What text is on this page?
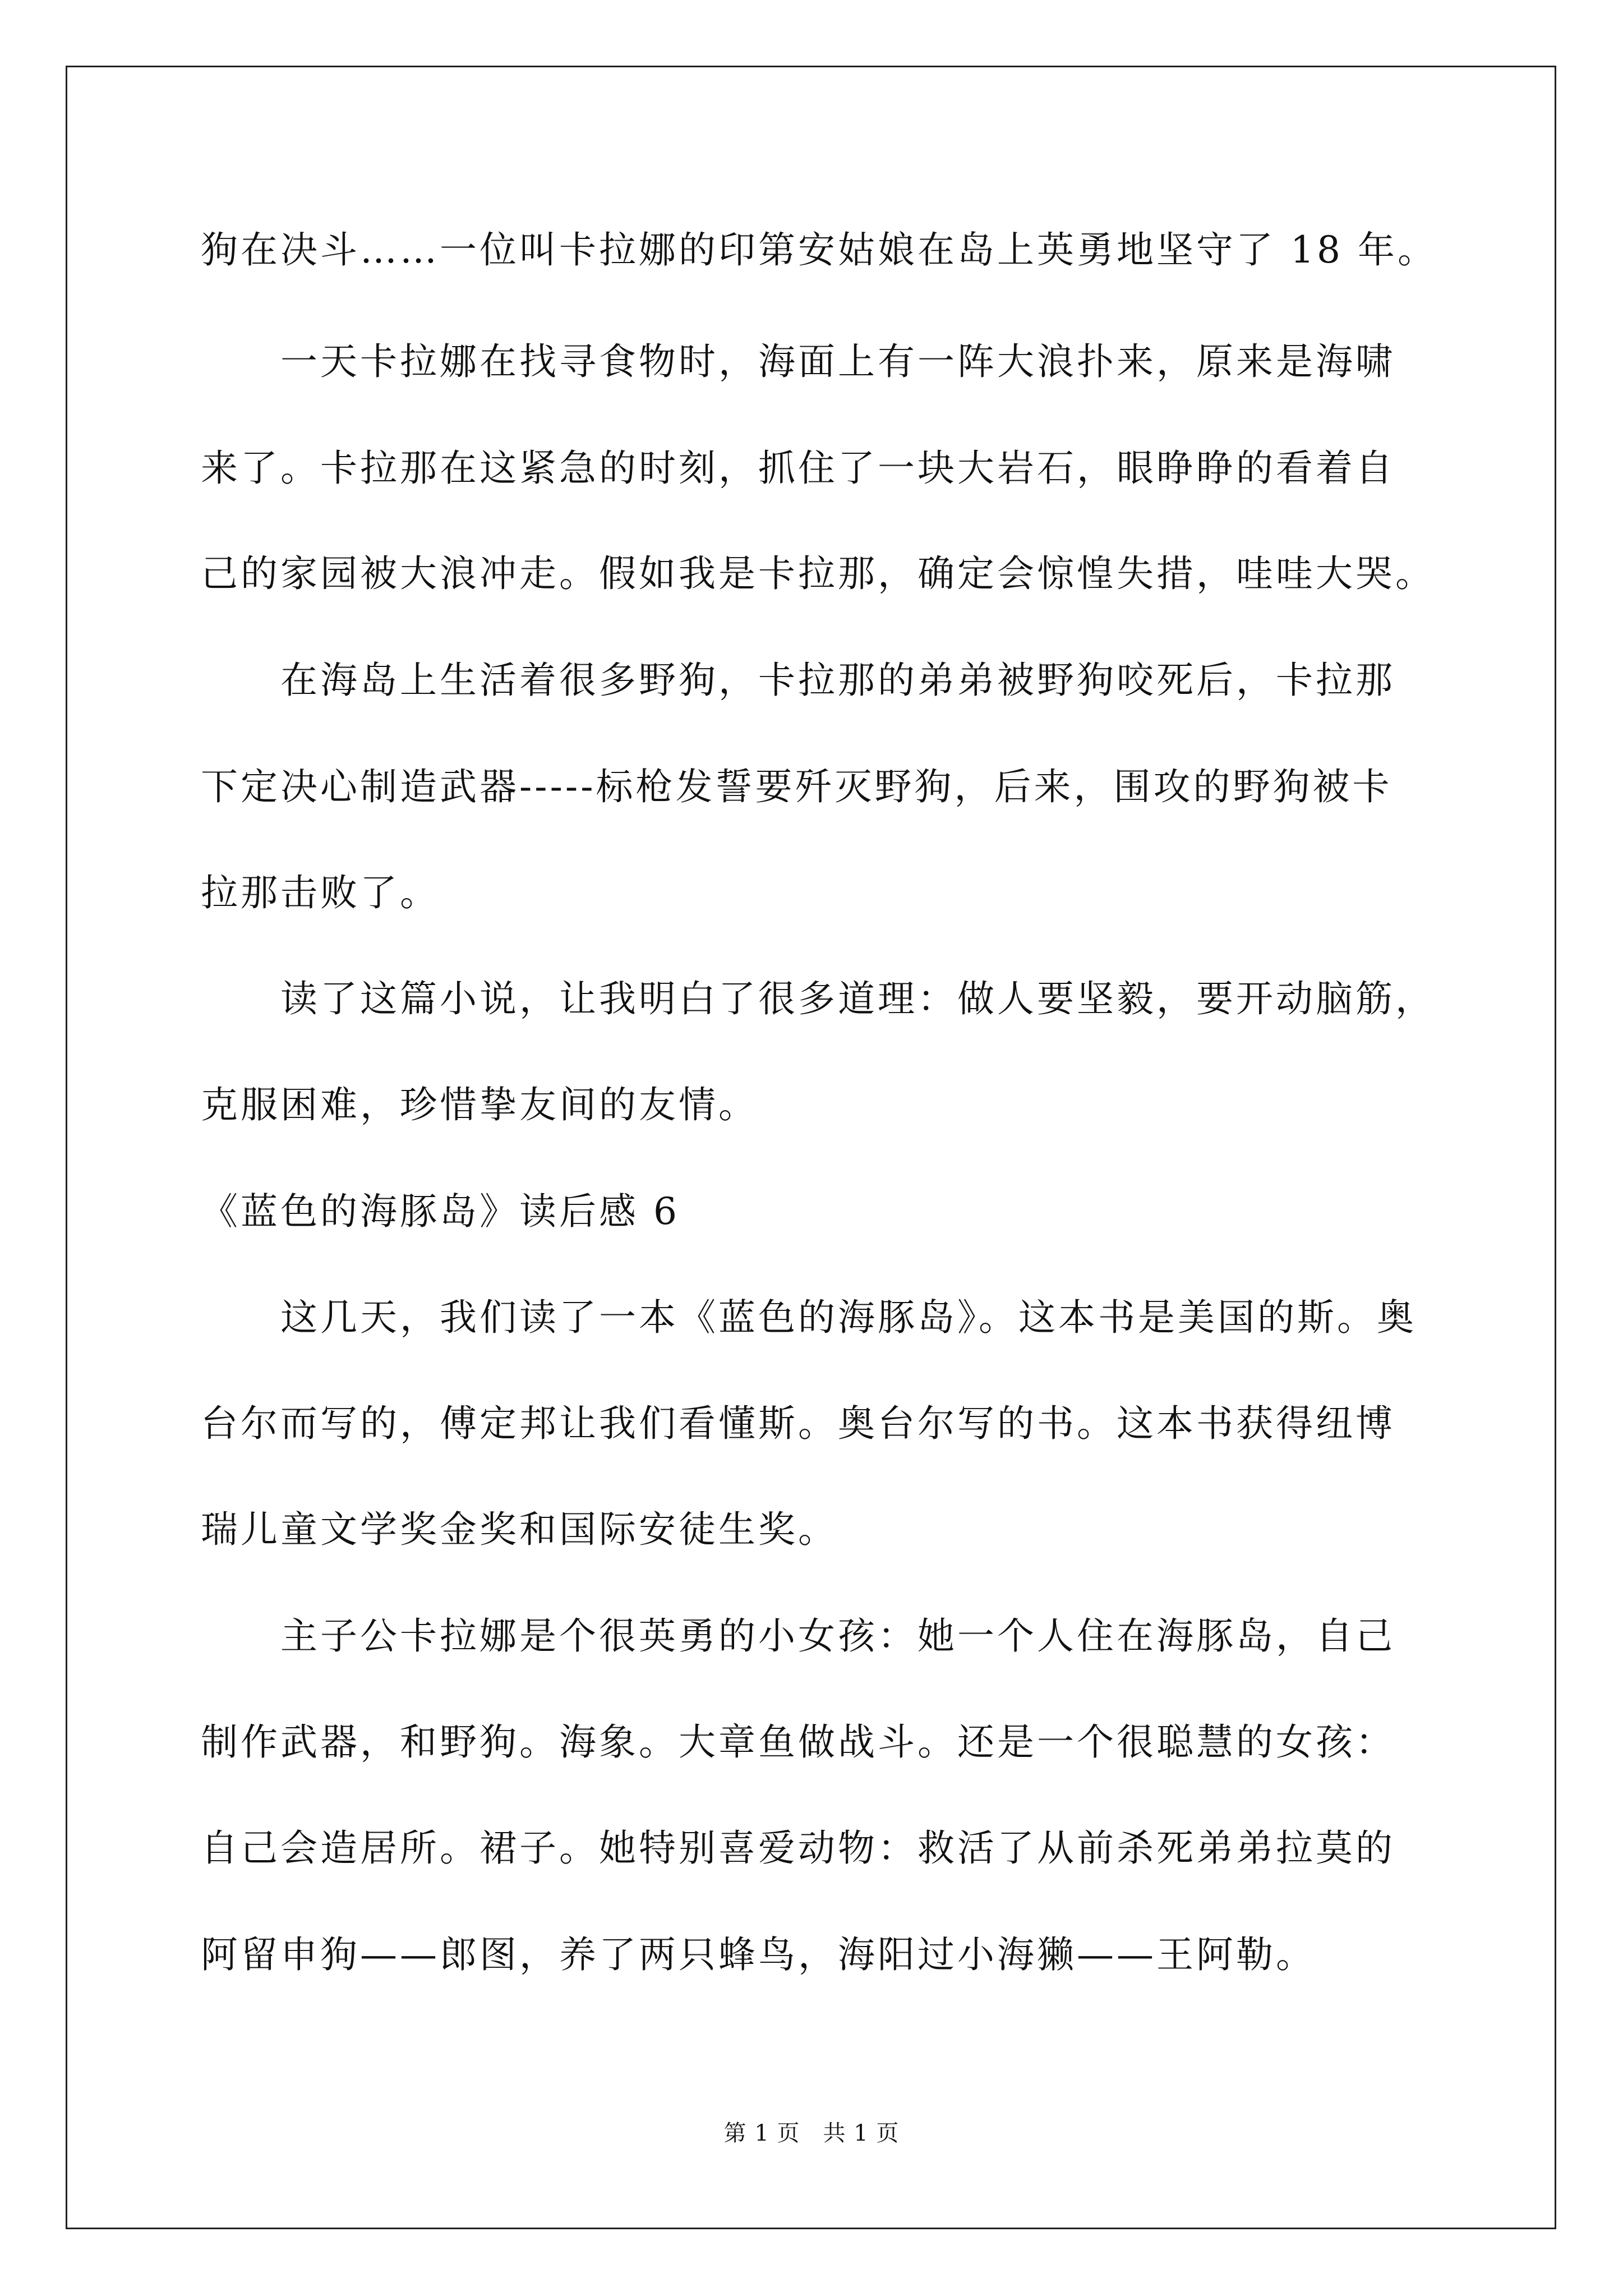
狗在决斗……一位叫卡拉娜的印第安姑娘在岛上英勇地坚守了 18 年。
一天卡拉娜在找寻食物时，海面上有一阵大浪扑来，原来是海啸
来了。卡拉那在这紧急的时刻，抓住了一块大岩石，眼睁睁的看着自
己的家园被大浪冲走。假如我是卡拉那，确定会惊惶失措，哇哇大哭。
在海岛上生活着很多野狗，卡拉那的弟弟被野狗咬死后，卡拉那
下定决心制造武器-----标枪发誓要歼灭野狗，后来，围攻的野狗被卡
拉那击败了。
读了这篇小说，让我明白了很多道理：做人要坚毅，要开动脑筋，
克服困难，珍惜挚友间的友情。
《蓝色的海豚岛》读后感 6
这几天，我们读了一本《蓝色的海豚岛》。这本书是美国的斯。奥
台尔而写的，傅定邦让我们看懂斯。奥台尔写的书。这本书获得纽博
瑞儿童文学奖金奖和国际安徒生奖。
主子公卡拉娜是个很英勇的小女孩：她一个人住在海豚岛，自己
制作武器，和野狗。海象。大章鱼做战斗。还是一个很聪慧的女孩：
自己会造居所。裙子。她特别喜爱动物：救活了从前杀死弟弟拉莫的
阿留申狗——郎图，养了两只蜂鸟，海阳过小海獭——王阿勒。
第 1 页　共 1 页
